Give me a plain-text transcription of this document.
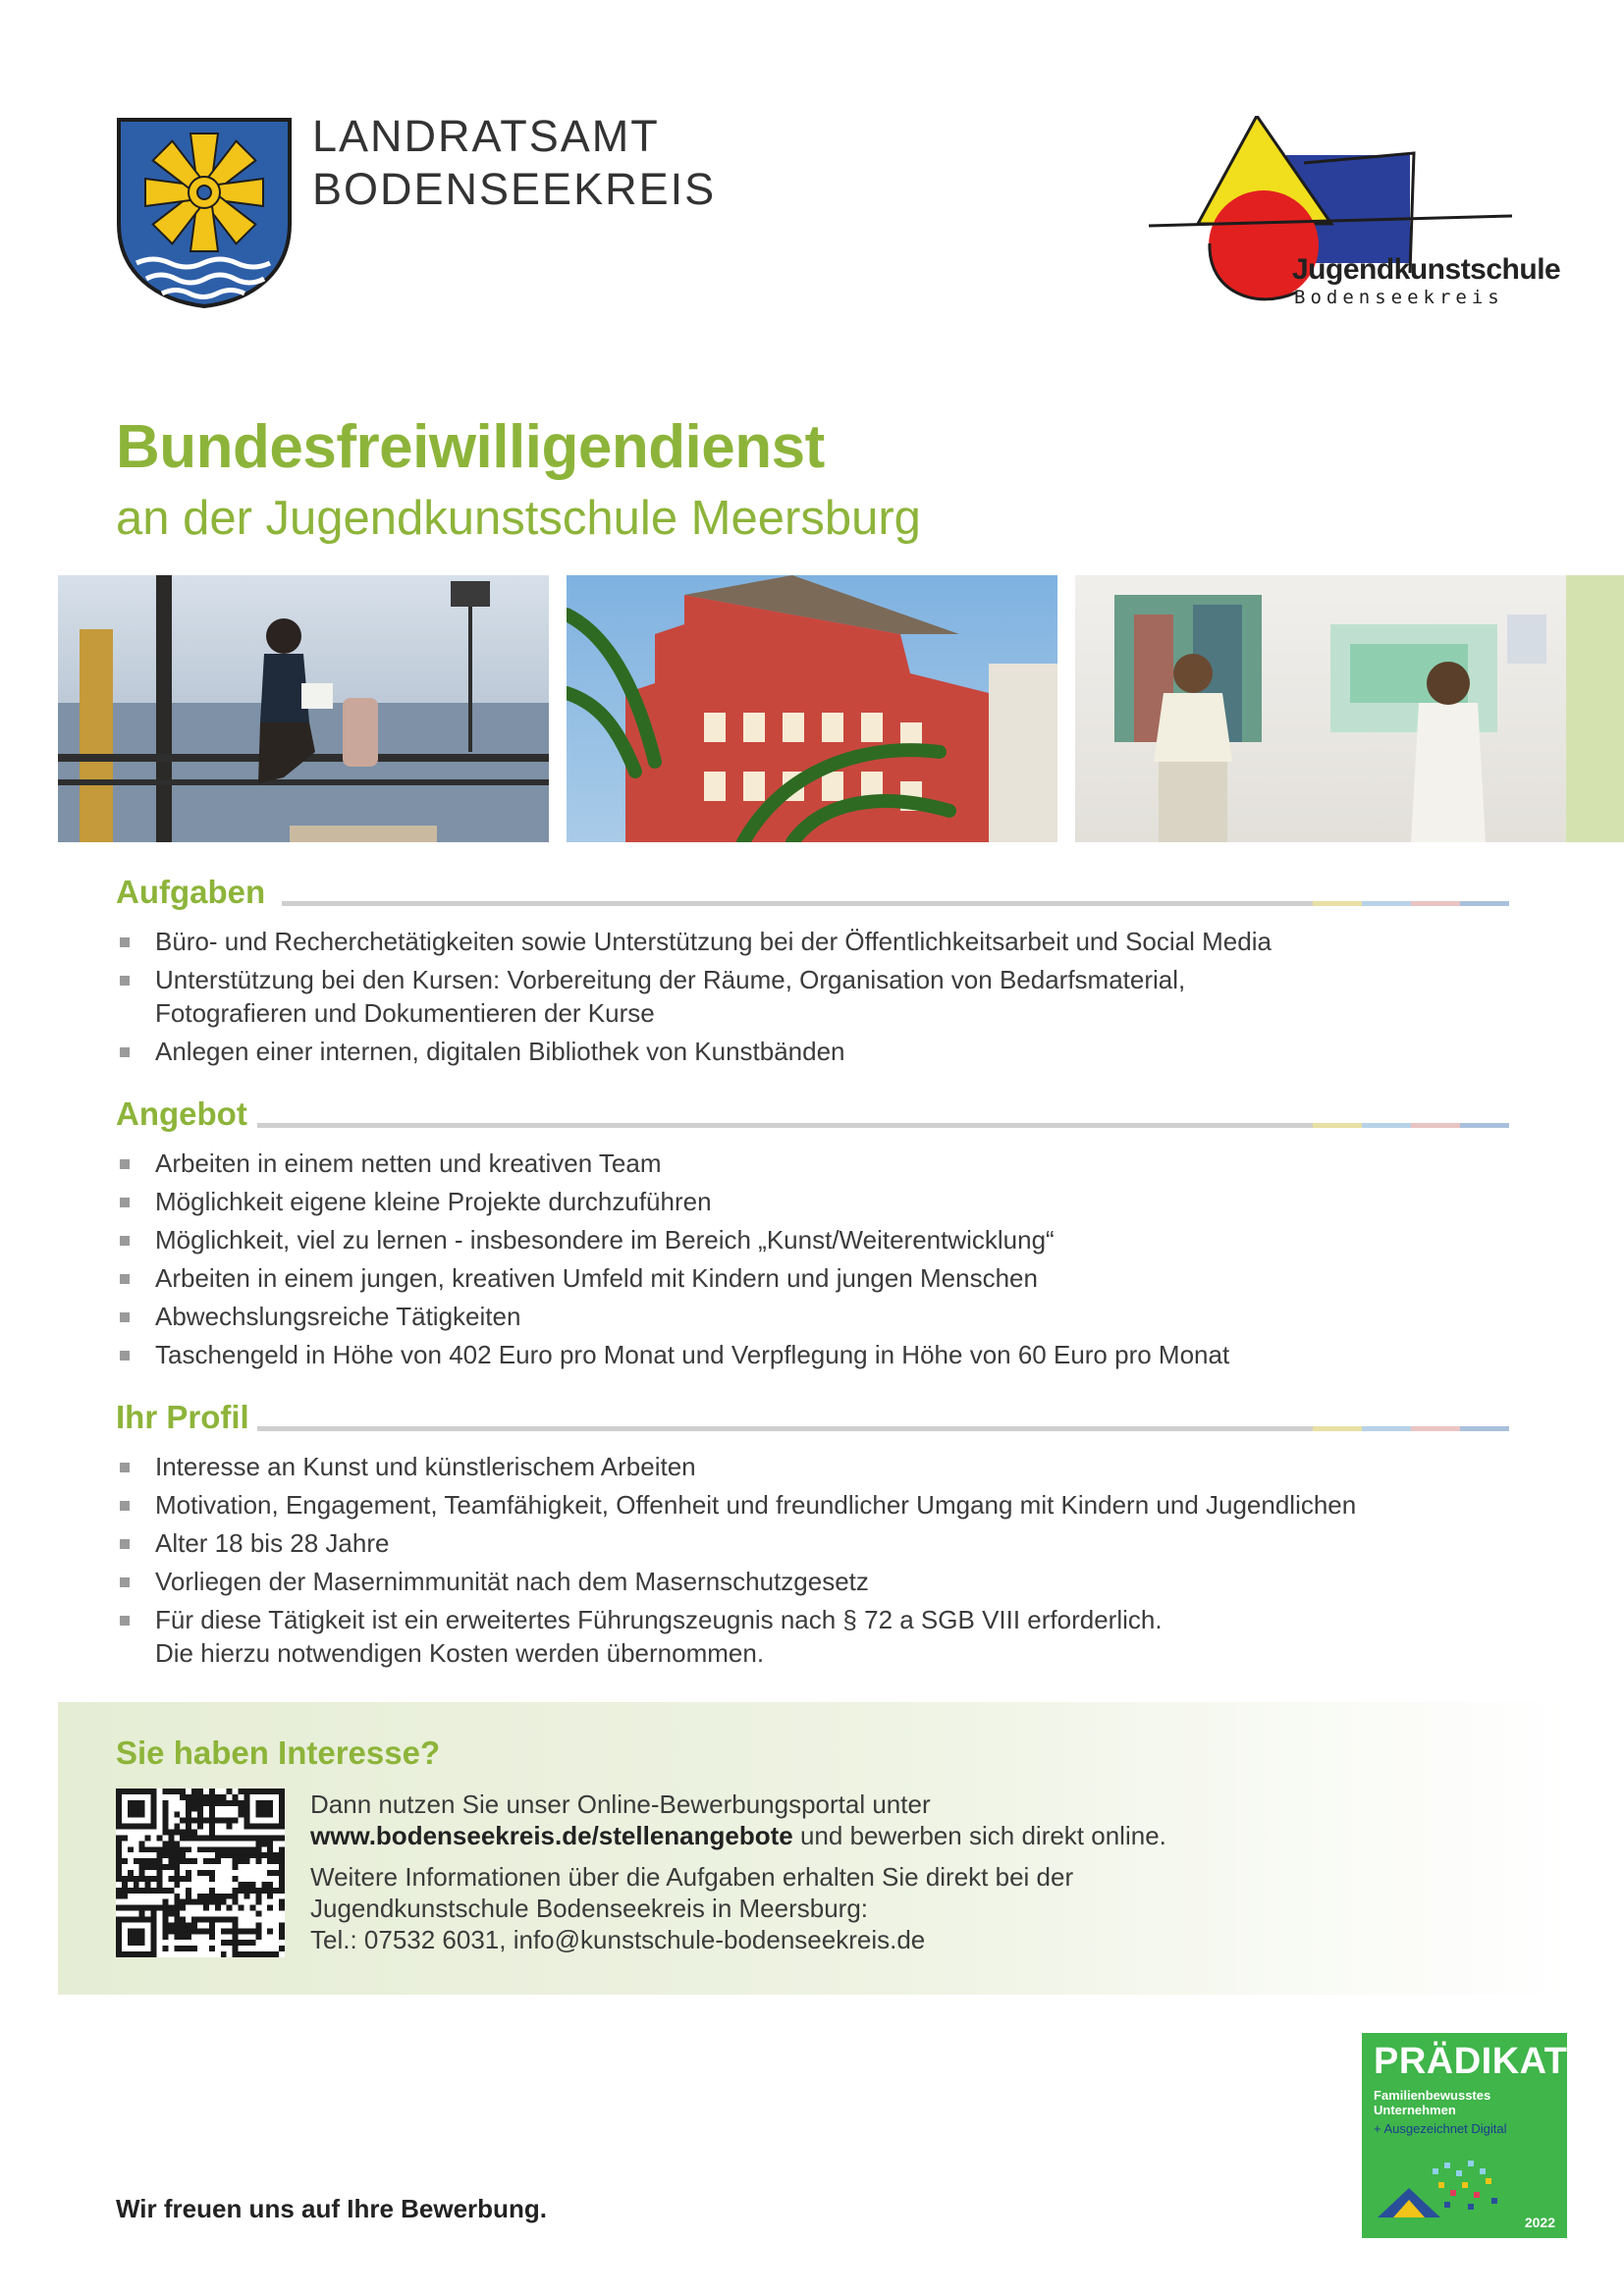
LANDRATSAMT
BODENSEEKREIS
Jugendkunstschule
Bodenseekreis
Bundesfreiwilligendienst
an der Jugendkunstschule Meersburg
Aufgaben
Büro- und Recherchetätigkeiten sowie Unterstützung bei der Öffentlichkeitsarbeit und Social Media
Unterstützung bei den Kursen: Vorbereitung der Räume, Organisation von Bedarfsmaterial,
Fotografieren und Dokumentieren der Kurse
Anlegen einer internen, digitalen Bibliothek von Kunstbänden
Angebot
Arbeiten in einem netten und kreativen Team
Möglichkeit eigene kleine Projekte durchzuführen
Möglichkeit, viel zu lernen - insbesondere im Bereich „Kunst/Weiterentwicklung“
Arbeiten in einem jungen, kreativen Umfeld mit Kindern und jungen Menschen
Abwechslungsreiche Tätigkeiten
Taschengeld in Höhe von 402 Euro pro Monat und Verpflegung in Höhe von 60 Euro pro Monat
Ihr Profil
Interesse an Kunst und künstlerischem Arbeiten
Motivation, Engagement, Teamfähigkeit, Offenheit und freundlicher Umgang mit Kindern und Jugendlichen
Alter 18 bis 28 Jahre
Vorliegen der Masernimmunität nach dem Masernschutzgesetz
Für diese Tätigkeit ist ein erweitertes Führungszeugnis nach § 72 a SGB VIII erforderlich.
Die hierzu notwendigen Kosten werden übernommen.
Sie haben Interesse?

Dann nutzen Sie unser Online-Bewerbungsportal unter
www.bodenseekreis.de/stellenangebote und bewerben sich direkt online.

Weitere Informationen über die Aufgaben erhalten Sie direkt bei der
Jugendkunstschule Bodenseekreis in Meersburg:
Tel.: 07532 6031, info@kunstschule-bodenseekreis.de

PRÄDIKAT
Familienbewusstes
Unternehmen
+ Ausgezeichnet Digital
2022
Wir freuen uns auf Ihre Bewerbung.
